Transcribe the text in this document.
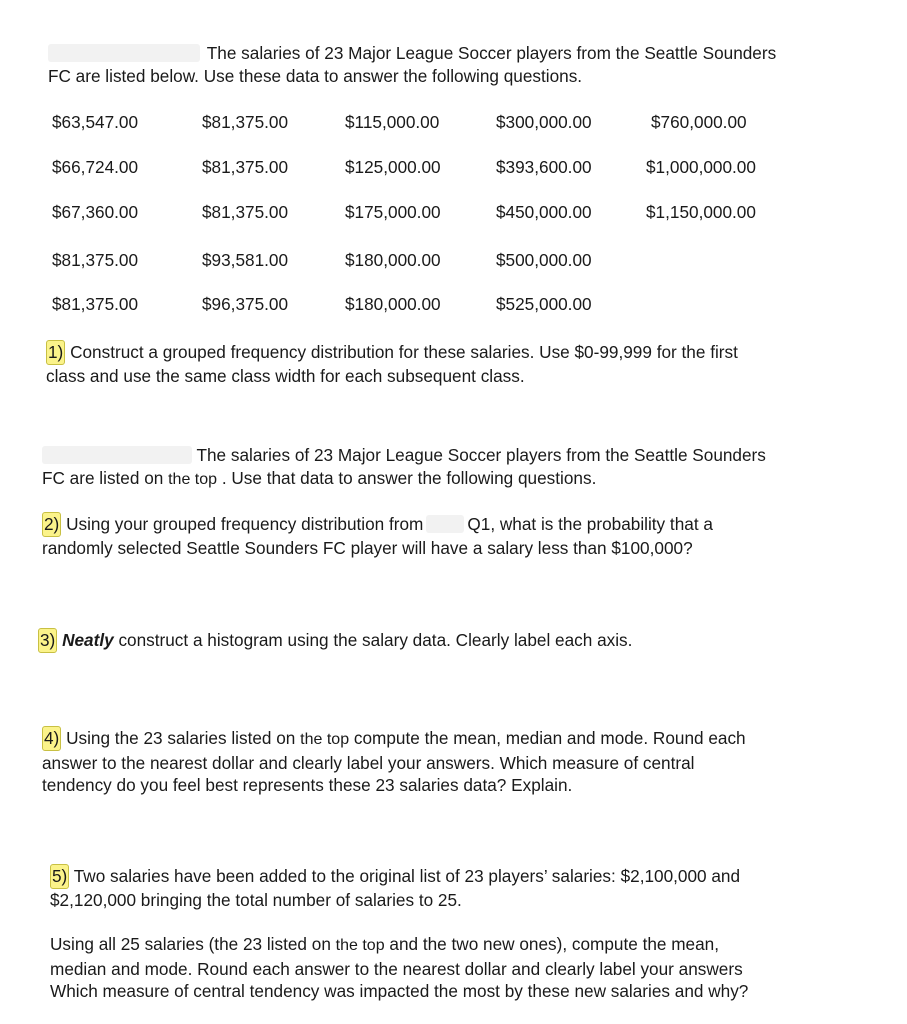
The salaries of 23 Major League Soccer players from the Seattle Sounders
FC are listed below. Use these data to answer the following questions.
$63,547.00	$81,375.00	$115,000.00	$300,000.00	$760,000.00
$66,724.00	$81,375.00	$125,000.00	$393,600.00	$1,000,000.00
$67,360.00	$81,375.00	$175,000.00	$450,000.00	$1,150,000.00
$81,375.00	$93,581.00	$180,000.00	$500,000.00
$81,375.00	$96,375.00	$180,000.00	$525,000.00
1) Construct a grouped frequency distribution for these salaries. Use $0-99,999 for the first
class and use the same class width for each subsequent class.
The salaries of 23 Major League Soccer players from the Seattle Sounders
FC are listed on the top . Use that data to answer the following questions.
2) Using your grouped frequency distribution from	Q1, what is the probability that a
randomly selected Seattle Sounders FC player will have a salary less than $100,000?
3) Neatly construct a histogram using the salary data. Clearly label each axis.
4) Using the 23 salaries listed on the top compute the mean, median and mode. Round each
answer to the nearest dollar and clearly label your answers. Which measure of central
tendency do you feel best represents these 23 salaries data? Explain.
5) Two salaries have been added to the original list of 23 players’ salaries: $2,100,000 and
$2,120,000 bringing the total number of salaries to 25.
Using all 25 salaries (the 23 listed on the top and the two new ones), compute the mean,
median and mode. Round each answer to the nearest dollar and clearly label your answers
Which measure of central tendency was impacted the most by these new salaries and why?
